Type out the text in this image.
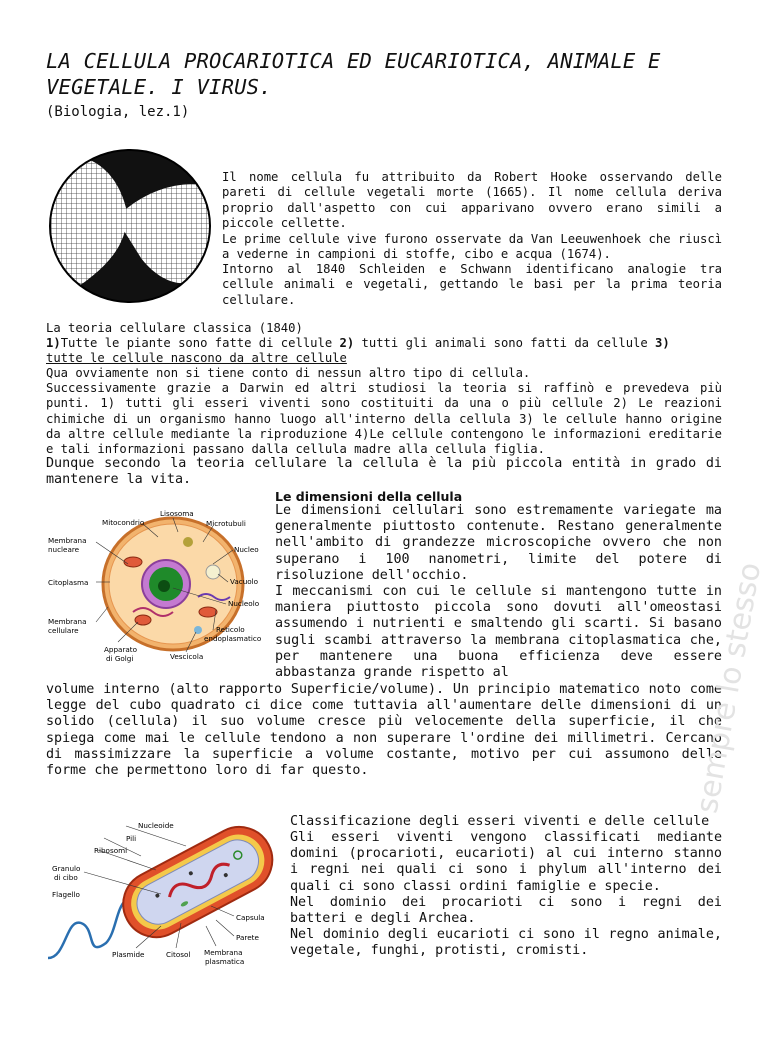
LA CELLULA PROCARIOTICA ED EUCARIOTICA, ANIMALE E VEGETALE. I VIRUS.
(Biologia, lez.1)
Il nome cellula fu attribuito da Robert Hooke osservando delle pareti di cellule vegetali morte (1665). Il nome cellula deriva proprio dall'aspetto con cui apparivano ovvero erano simili a piccole cellette.
Le prime cellule vive furono osservate da Van Leeuwenhoek che riuscì a vederne in campioni di stoffe, cibo e acqua (1674).
Intorno al 1840 Schleiden e Schwann identificano analogie tra cellule animali e vegetali, gettando le basi per la prima teoria cellulare.
La teoria cellulare classica (1840)
1)Tutte le piante sono fatte di cellule 2) tutti gli animali sono fatti da cellule 3)
tutte le cellule nascono da altre cellule
Qua ovviamente non si tiene conto di nessun altro tipo di cellula.
Successivamente grazie a Darwin ed altri studiosi la teoria si raffinò e prevedeva più punti. 1) tutti gli esseri viventi sono costituiti da una o più cellule 2) Le reazioni chimiche di un organismo hanno luogo all'interno della cellula 3) le cellule hanno origine da altre cellule mediante la riproduzione 4)Le cellule contengono le informazioni ereditarie e tali informazioni passano dalla cellula madre alla cellula figlia.
Dunque secondo la teoria cellulare la cellula è la più piccola entità in grado di mantenere la vita.
Mitocondrio
Lisosoma
Microtubuli
Membrana
nucleare	Nucleo
Citoplasma	Vacuolo
Nucleolo
Membrana
cellulare	Reticolo
endoplasmatico
Apparato
di Golgi	Vescicola
Le dimensioni della cellula
Le dimensioni cellulari sono estremamente variegate ma generalmente piuttosto contenute. Restano generalmente nell'ambito di grandezze microscopiche ovvero che non superano i 100 nanometri, limite del potere di risoluzione dell'occhio.
I meccanismi con cui le cellule si mantengono tutte in maniera piuttosto piccola sono dovuti all'omeostasi assumendo i nutrienti e smaltendo gli scarti. Si basano sugli scambi attraverso la membrana citoplasmatica che, per mantenere una buona efficienza deve essere abbastanza grande rispetto al
volume interno (alto rapporto Superficie/volume). Un principio matematico noto come legge del cubo quadrato ci dice come tuttavia all'aumentare delle dimensioni di un solido (cellula) il suo volume cresce più velocemente della superficie, il che spiega come mai le cellule tendono a non superare l'ordine dei millimetri. Cercano di massimizzare la superficie a volume costante, motivo per cui assumono delle forme che permettono loro di far questo.
Nucleoide
Pili
Ribosomi
Granulo
di cibo
Flagello
Capsula
Parete
Plasmide	Citosol Membrana
plasmatica
Classificazione degli esseri viventi e delle cellule
Gli esseri viventi vengono classificati mediante domini (procarioti, eucarioti) al cui interno stanno i regni nei quali ci sono i phylum all'interno dei quali ci sono classi ordini famiglie e specie.
Nel dominio dei procarioti ci sono i regni dei batteri e degli Archea.
Nel dominio degli eucarioti ci sono il regno animale, vegetale, funghi, protisti, cromisti.
sempre lo stesso
